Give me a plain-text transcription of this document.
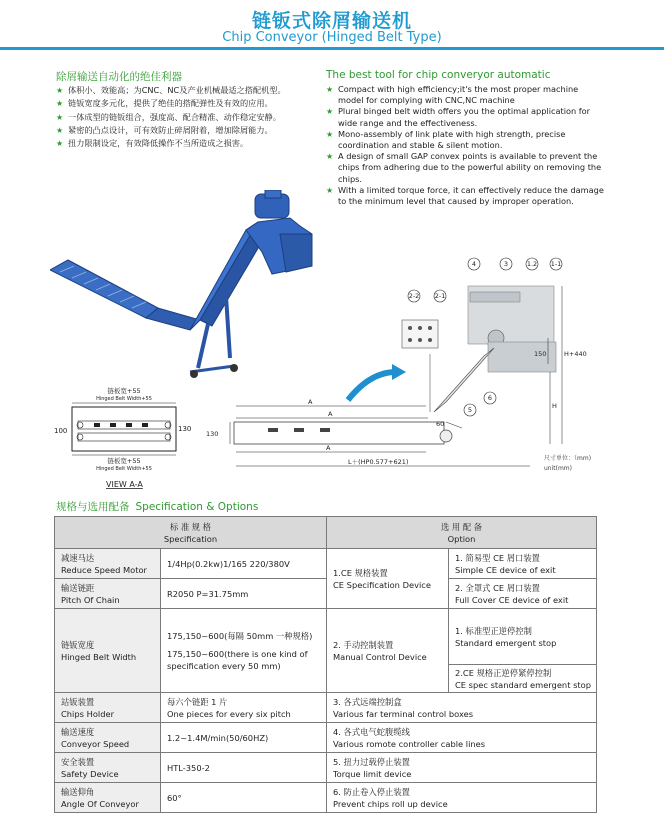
链钣式除屑输送机
Chip Conveyor (Hinged Belt Type)
除屑输送自动化的绝佳利器
★ 体积小、效能高；为CNC、NC及产业机械最适之搭配机型。
★ 链钣宽度多元化，提供了绝佳的搭配弹性及有效的应用。
★ 一体成型的链钣组合，强度高、配合精准、动作稳定安静。
★ 紧密的凸点设计，可有效防止碎屑附着，增加除屑能力。
★ 扭力限制设定，有效降低操作不当所造成之损害。
The best tool for chip converyor automatic
★ Compact with high efficiency;it's the most proper machine model for complying with CNC,NC machine
★ Plural binged belt width offers you the optimal application for wide range and the effectiveness.
★ Mono-assembly of link plate with high strength, precise coordination and stable & silent motion.
★ A design of small GAP convex points is available to prevent the chips from adhering due to the powerful ability on removing the chips.
★ With a limited torque force, it can effectively reduce the damage to the minimum level that caused by improper operation.
链板宽+55
Hinged Belt Width+55
100	130
链板宽+55
Hinged Belt Width+55
VIEW A-A
4	3	1.2 1-1
2-2 2-1
5
6
A
A
A
L＋(HP0.577+621)
130
60
150	H+440
H
尺寸单位：（mm)
unit(mm)
规格与选用配备 Specification & Options
标 准 规 格
Specification		选 用 配 备
Option	

减速马达
Reduce Speed Motor	1/4Hp(0.2kw)1/165 220/380V	1.CE 规格装置
CE Specification Device	1. 简易型 CE 屑口装置
Simple CE device of exit

输送链距
Pitch Of Chain	R2050 P=31.75mm		2. 全罩式 CE 屑口装置
Full Cover CE device of exit

链钣宽度
Hinged Belt Width	175,150~600(每隔 50mm 一种规格)
175,150~600(there is one kind of
specification every 50 mm)	2. 手动控制装置
Manual Control Device	1. 标准型正逆停控制
Standard emergent stop

			2.CE 规格正逆停紧停控制
CE spec standard emergent stop

站钣装置
Chips Holder	每六个链距 1 片
One pieces for every six pitch	3. 各式远端控制盒
Various far terminal control boxes	

输送速度
Conveyor Speed	1.2~1.4M/min(50/60HZ)	4. 各式电气蛇腹缆线
Various romote controller cable lines	

安全装置
Safety Device	HTL-350-2	5. 扭力过载停止装置
Torque limit device	

输送仰角
Angle Of Conveyor	60°	6. 防止卷入停止装置
Prevent chips roll up device	
